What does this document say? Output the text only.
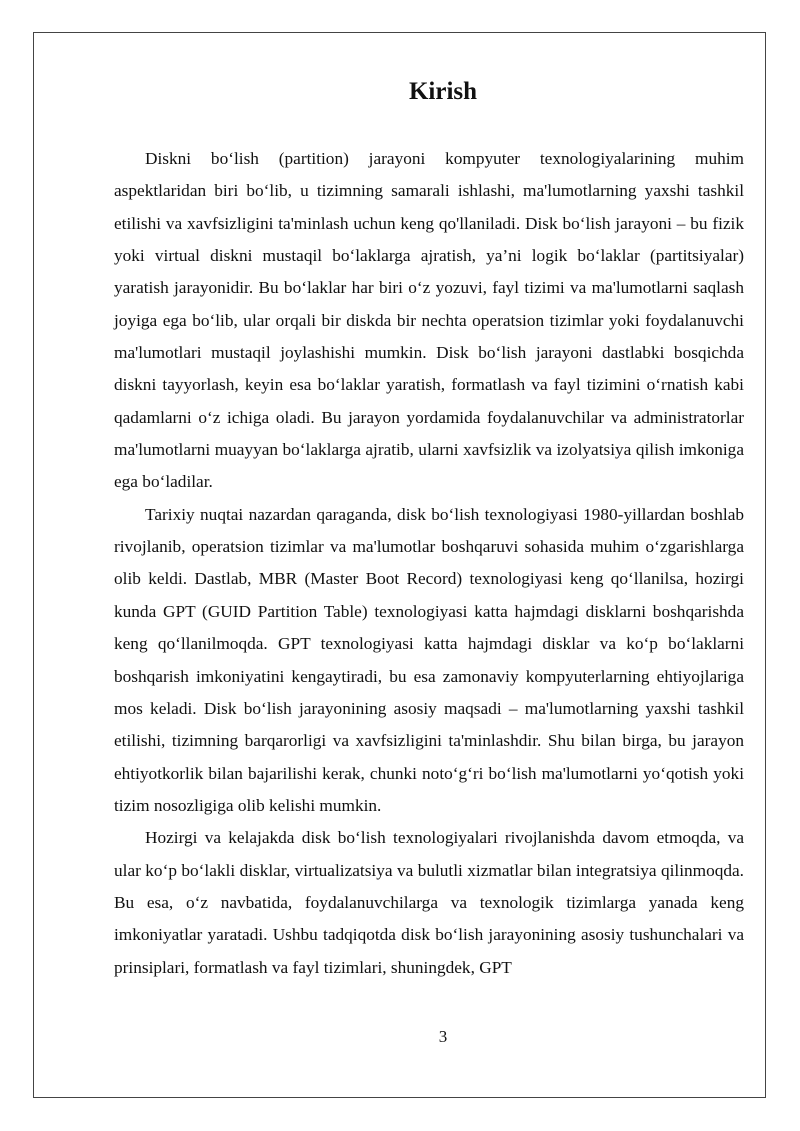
Kirish

Diskni bo‘lish (partition) jarayoni kompyuter texnologiyalarining muhim aspektlaridan biri bo‘lib, u tizimning samarali ishlashi, ma'lumotlarning yaxshi tashkil etilishi va xavfsizligini ta'minlash uchun keng qo'llaniladi. Disk bo‘lish jarayoni – bu fizik yoki virtual diskni mustaqil bo‘laklarga ajratish, ya’ni logik bo‘laklar (partitsiyalar) yaratish jarayonidir. Bu bo‘laklar har biri o‘z yozuvi, fayl tizimi va ma'lumotlarni saqlash joyiga ega bo‘lib, ular orqali bir diskda bir nechta operatsion tizimlar yoki foydalanuvchi ma'lumotlari mustaqil joylashishi mumkin. Disk bo‘lish jarayoni dastlabki bosqichda diskni tayyorlash, keyin esa bo‘laklar yaratish, formatlash va fayl tizimini o‘rnatish kabi qadamlarni o‘z ichiga oladi. Bu jarayon yordamida foydalanuvchilar va administratorlar ma'lumotlarni muayyan bo‘laklarga ajratib, ularni xavfsizlik va izolyatsiya qilish imkoniga ega bo‘ladilar.

Tarixiy nuqtai nazardan qaraganda, disk bo‘lish texnologiyasi 1980-yillardan boshlab rivojlanib, operatsion tizimlar va ma'lumotlar boshqaruvi sohasida muhim o‘zgarishlarga olib keldi. Dastlab, MBR (Master Boot Record) texnologiyasi keng qo‘llanilsa, hozirgi kunda GPT (GUID Partition Table) texnologiyasi katta hajmdagi disklarni boshqarishda keng qo‘llanilmoqda. GPT texnologiyasi katta hajmdagi disklar va ko‘p bo‘laklarni boshqarish imkoniyatini kengaytiradi, bu esa zamonaviy kompyuterlarning ehtiyojlariga mos keladi. Disk bo‘lish jarayonining asosiy maqsadi – ma'lumotlarning yaxshi tashkil etilishi, tizimning barqarorligi va xavfsizligini ta'minlashdir. Shu bilan birga, bu jarayon ehtiyotkorlik bilan bajarilishi kerak, chunki noto‘g‘ri bo‘lish ma'lumotlarni yo‘qotish yoki tizim nosozligiga olib kelishi mumkin.

Hozirgi va kelajakda disk bo‘lish texnologiyalari rivojlanishda davom etmoqda, va ular ko‘p bo‘lakli disklar, virtualizatsiya va bulutli xizmatlar bilan integratsiya qilinmoqda. Bu esa, o‘z navbatida, foydalanuvchilarga va texnologik tizimlarga yanada keng imkoniyatlar yaratadi. Ushbu tadqiqotda disk bo‘lish jarayonining asosiy tushunchalari va prinsiplari, formatlash va fayl tizimlari, shuningdek, GPT

3
